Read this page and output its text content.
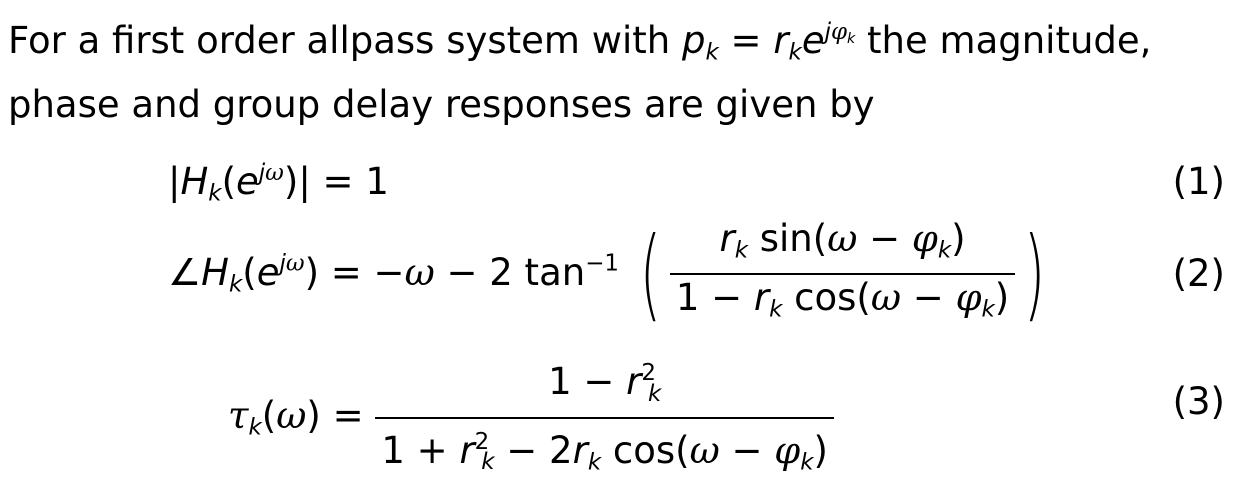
For a first order allpass system with $p_k = r_ke^{j\varphi_k}$ the magnitude,
phase and group delay responses are given by
$|H_k(e^{j\omega})| = 1$	(1)
$\angle H_k(e^{j\omega}) = -\omega - 2$ $\tan^{-1}$ ( $\frac{r_k \sin(\omega - \varphi_k)}{1 - r_k \cos(\omega - \varphi_k)}$ )	(2)
$\tau_k(\omega) = \frac{1 - r^2_k}{1 + r^2_k - 2r_k \cos(\omega - \varphi_k)}$	(3)
